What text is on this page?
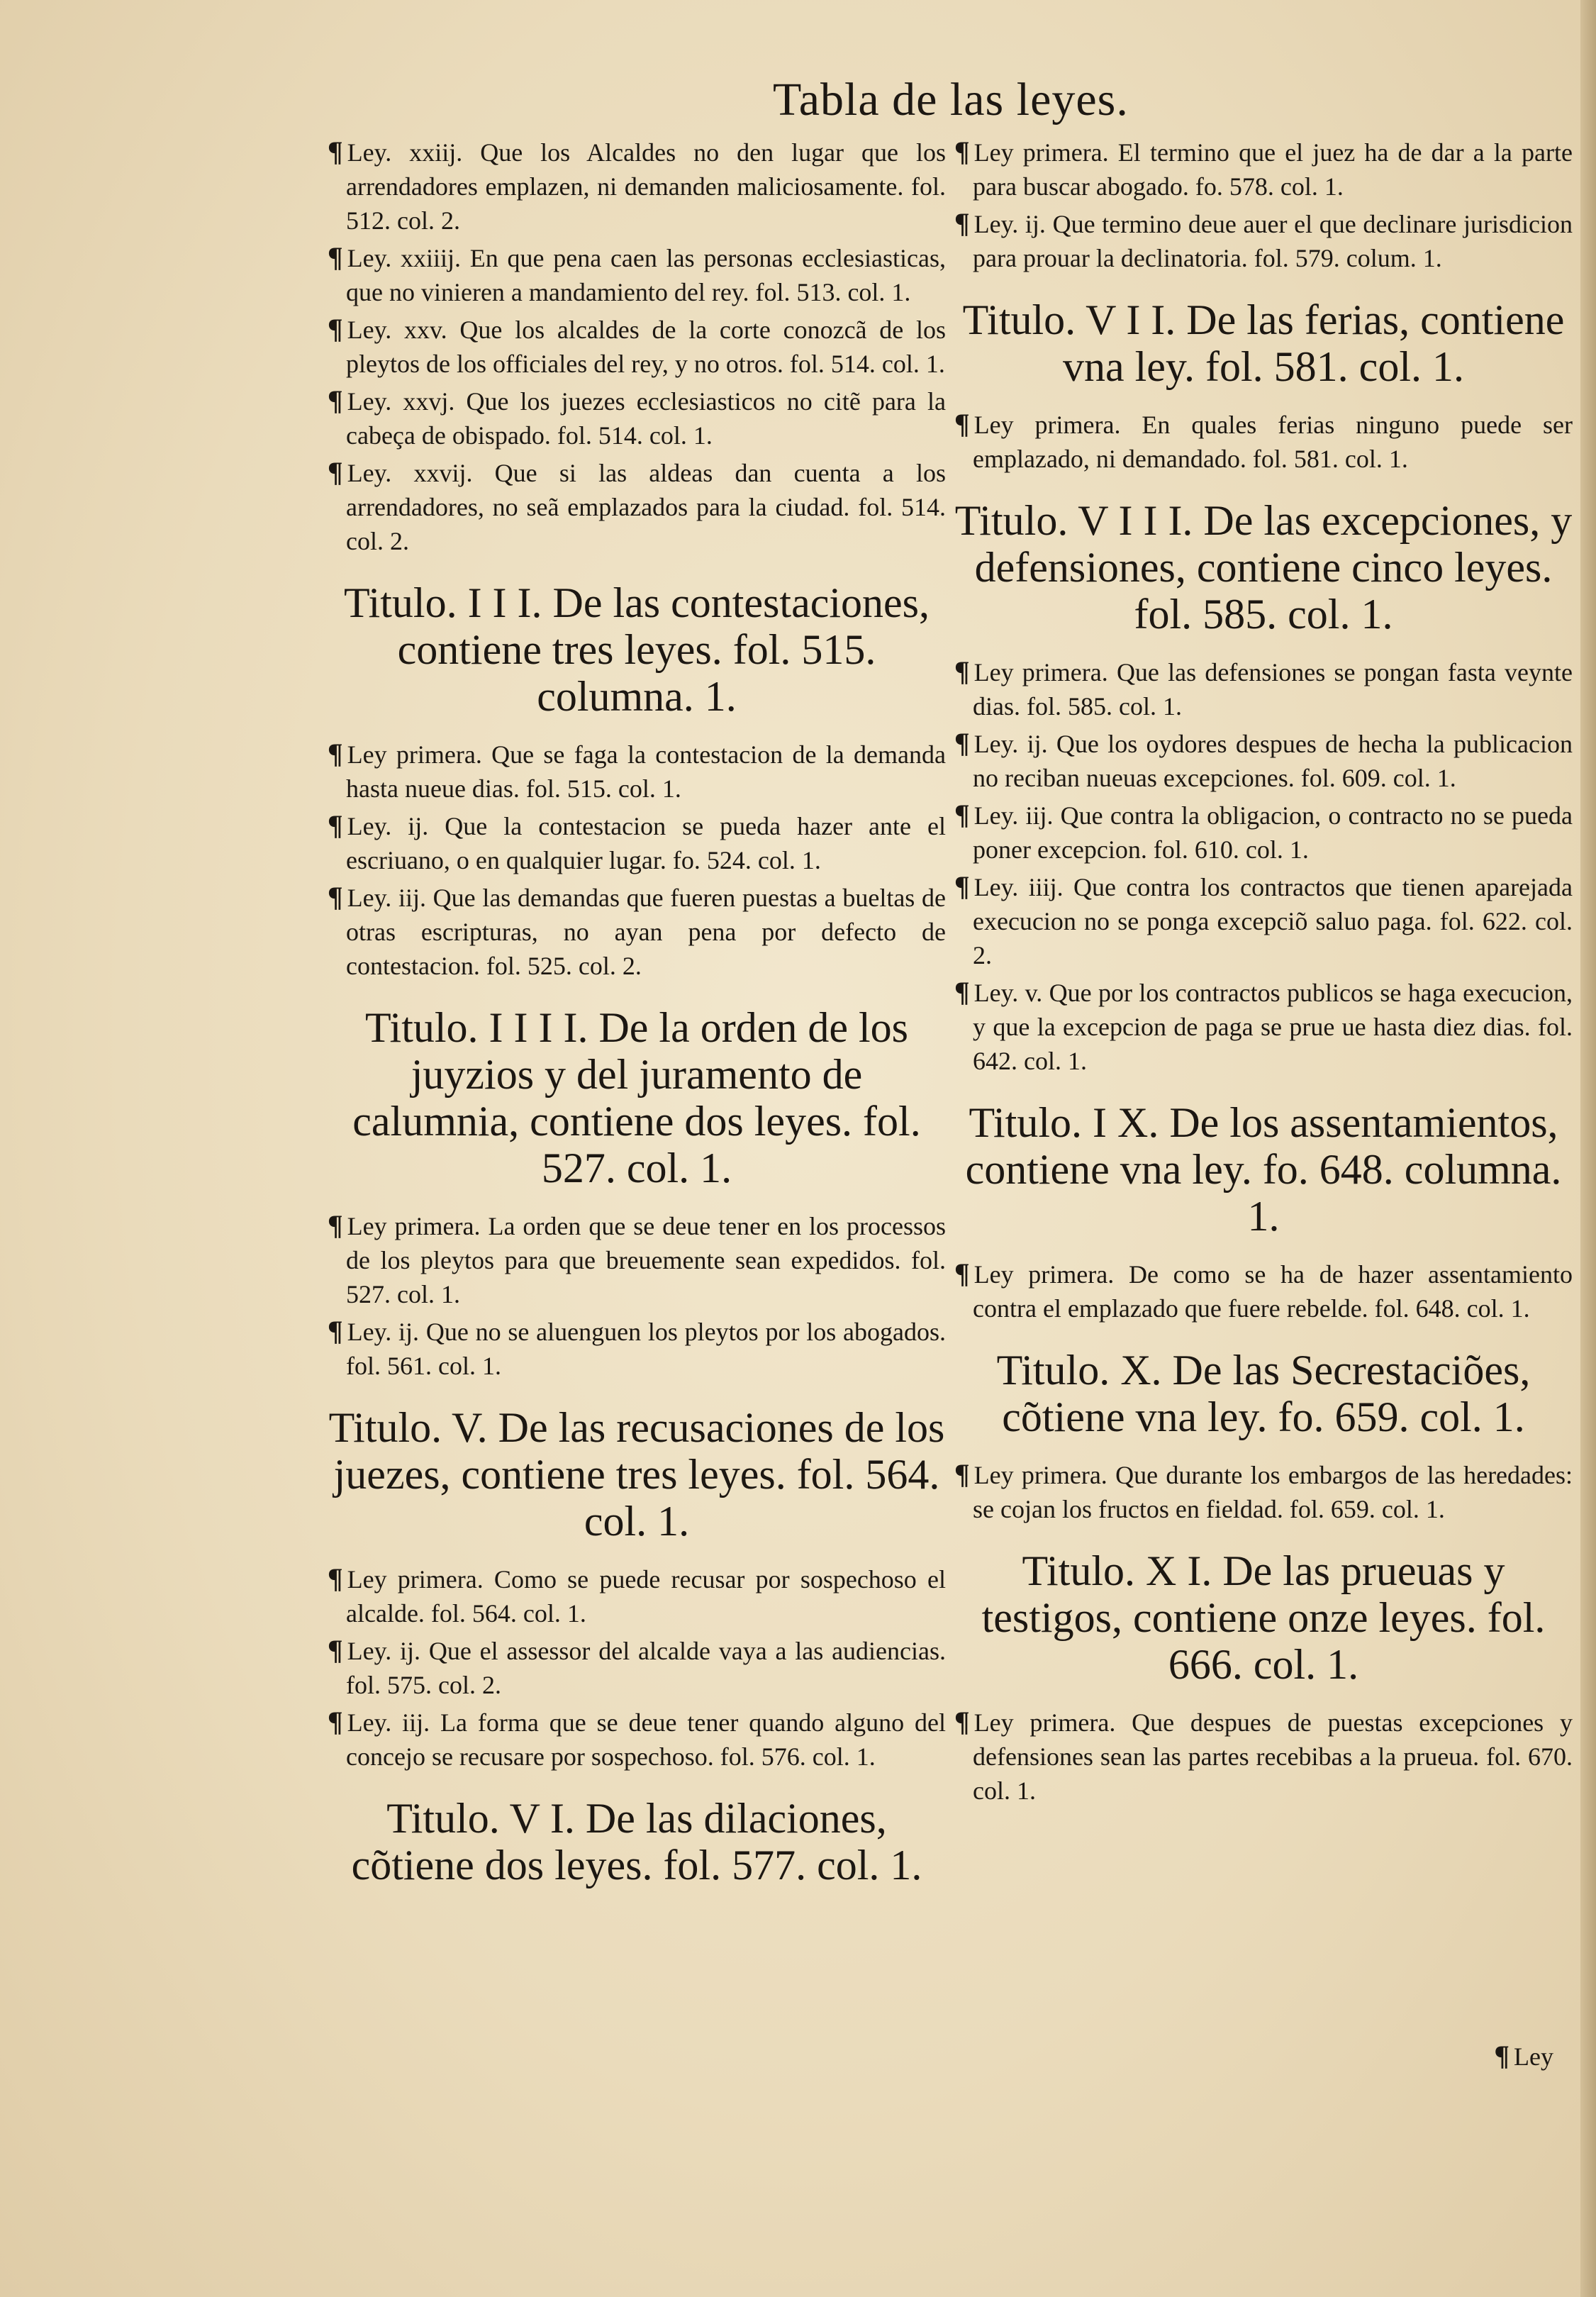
Tabla de las leyes.
¶ Ley. xxiij. Que los Alcaldes no den lugar que los arrendadores emplazen, ni demanden maliciosamente. fol. 512. col. 2.
¶ Ley. xxiiij. En que pena caen las personas ecclesiasticas, que no vinieren a mandamiento del rey. fol. 513. col. 1.
¶ Ley. xxv. Que los alcaldes de la corte conozcã de los pleytos de los officiales del rey, y no otros. fol. 514. col. 1.
¶ Ley. xxvj. Que los juezes ecclesiasticos no citẽ para la cabeça de obispado. fol. 514. col. 1.
¶ Ley. xxvij. Que si las aldeas dan cuenta a los arrendadores, no seã emplazados para la ciudad. fol. 514. col. 2.
Titulo. I I I. De las contestaciones, contiene tres leyes. fol. 515. columna. 1.
¶ Ley primera. Que se faga la contestacion de la demanda hasta nueue dias. fol. 515. col. 1.
¶ Ley. ij. Que la contestacion se pueda hazer ante el escriuano, o en qualquier lugar. fo. 524. col. 1.
¶ Ley. iij. Que las demandas que fueren puestas a bueltas de otras escripturas, no ayan pena por defecto de contestacion. fol. 525. col. 2.
Titulo. I I I I. De la orden de los juyzios y del juramento de calumnia, contiene dos leyes. fol. 527. col. 1.
¶ Ley primera. La orden que se deue tener en los processos de los pleytos para que breuemente sean expedidos. fol. 527. col. 1.
¶ Ley. ij. Que no se aluenguen los pleytos por los abogados. fol. 561. col. 1.
Titulo. V. De las recusaciones de los juezes, contiene tres leyes. fol. 564. col. 1.
¶ Ley primera. Como se puede recusar por sospechoso el alcalde. fol. 564. col. 1.
¶ Ley. ij. Que el assessor del alcalde vaya a las audiencias. fol. 575. col. 2.
¶ Ley. iij. La forma que se deue tener quando alguno del concejo se recusare por sospechoso. fol. 576. col. 1.
Titulo. V I. De las dilaciones, cõtiene dos leyes. fol. 577. col. 1.
¶ Ley primera. El termino que el juez ha de dar a la parte para buscar abogado. fo. 578. col. 1.
¶ Ley. ij. Que termino deue auer el que declinare jurisdicion para prouar la declinatoria. fol. 579. colum. 1.
Titulo. V I I. De las ferias, contiene vna ley. fol. 581. col. 1.
¶ Ley primera. En quales ferias ninguno puede ser emplazado, ni demandado. fol. 581. col. 1.
Titulo. V I I I. De las excepciones, y defensiones, contiene cinco leyes. fol. 585. col. 1.
¶ Ley primera. Que las defensiones se pongan fasta veynte dias. fol. 585. col. 1.
¶ Ley. ij. Que los oydores despues de hecha la publicacion no reciban nueuas excepciones. fol. 609. col. 1.
¶ Ley. iij. Que contra la obligacion, o contracto no se pueda poner excepcion. fol. 610. col. 1.
¶ Ley. iiij. Que contra los contractos que tienen aparejada execucion no se ponga excepciõ saluo paga. fol. 622. col. 2.
¶ Ley. v. Que por los contractos publicos se haga execucion, y que la excepcion de paga se prue ue hasta diez dias. fol. 642. col. 1.
Titulo. I X. De los assentamientos, contiene vna ley. fo. 648. columna. 1.
¶ Ley primera. De como se ha de hazer assentamiento contra el emplazado que fuere rebelde. fol. 648. col. 1.
Titulo. X. De las Secrestaciões, cõtiene vna ley. fo. 659. col. 1.
¶ Ley primera. Que durante los embargos de las heredades: se cojan los fructos en fieldad. fol. 659. col. 1.
Titulo. X I. De las prueuas y testigos, contiene onze leyes. fol. 666. col. 1.
¶ Ley primera. Que despues de puestas excepciones y defensiones sean las partes recebibas a la prueua. fol. 670. col. 1.
¶ Ley
